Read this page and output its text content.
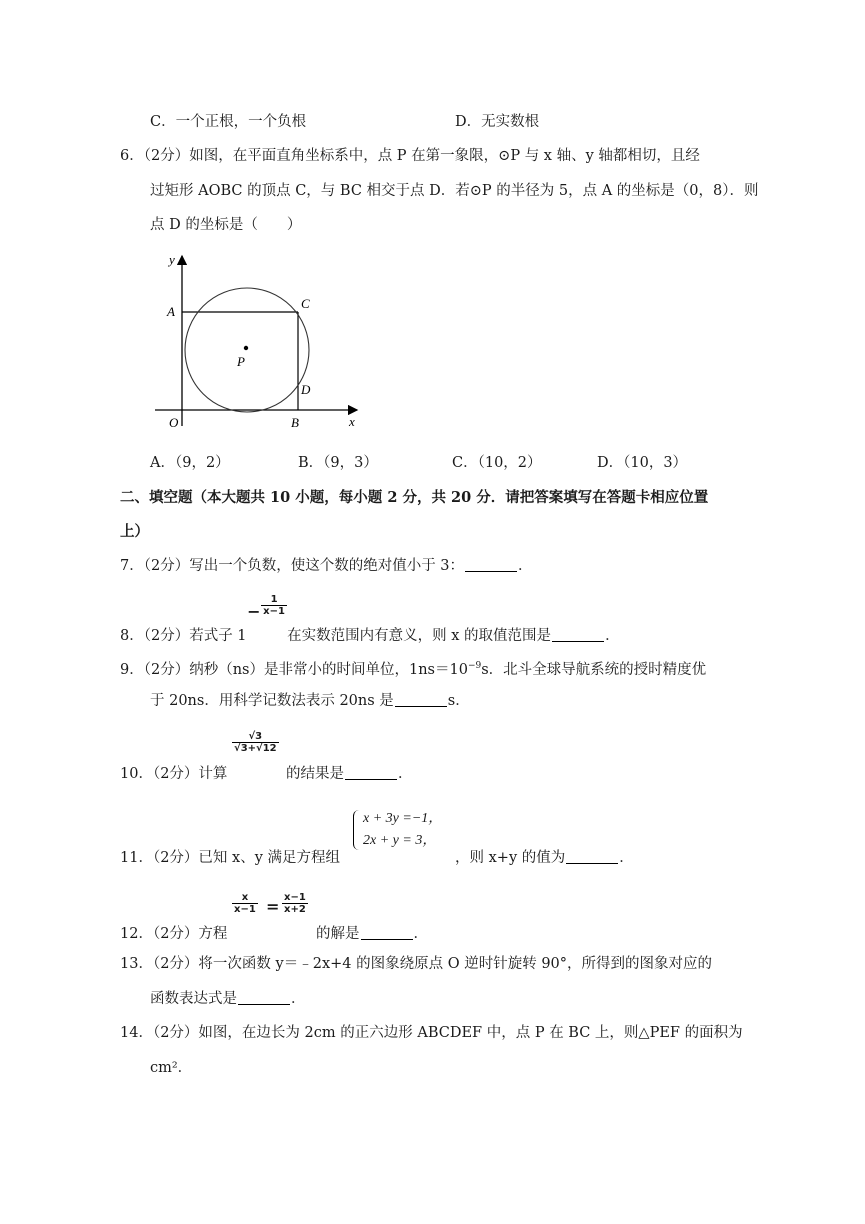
C．一个正根，一个负根	D．无实数根
6．（2分）如图，在平面直角坐标系中，点 P 在第一象限，⊙P 与 x 轴、y 轴都相切，且经
过矩形 AOBC 的顶点 C，与 BC 相交于点 D．若⊙P 的半径为 5，点 A 的坐标是（0，8）．则
点 D 的坐标是（　　）
y
x
O
A
B
C
D
P
A．（9，2）	B．（9，3）	C．（10，2）	D．（10，3）
二、填空题（本大题共 10 小题，每小题 2 分，共 20 分．请把答案填写在答题卡相应位置
上）
7．（2分）写出一个负数，使这个数的绝对值小于 3：	．
8．（2分）若式子 1
− $\frac{1}{x-1}$
在实数范围内有意义，则 x 的取值范围是	．
9．（2分）纳秒（ns）是非常小的时间单位，$1ns=10^{-9}s$．北斗全球导航系统的授时精度优
于 20ns．用科学记数法表示 20ns 是	s．
10．（2分）计算
$\frac{√3}{√3+√12}$
的结果是	．
x + 3y =−1，
2x + y = 3，
11．（2分）已知 x、y 满足方程组	，则 x+y 的值为	．
12．（2分）方程
$\frac{x}{x-1} = \frac{x-1}{x+2}$
的解是	．
13．（2分）将一次函数 y＝﹣2x+4 的图象绕原点 O 逆时针旋转 90°，所得到的图象对应的
函数表达式是	．
14．（2分）如图，在边长为 2cm 的正六边形 ABCDEF 中，点 P 在 BC 上，则△PEF 的面积为
cm²．
